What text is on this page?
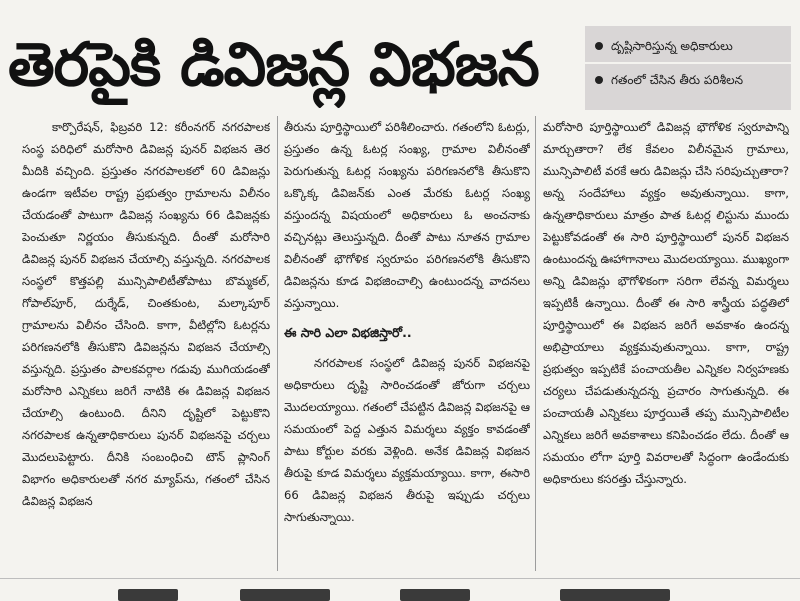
తెరపైకి డివిజన్ల విభజన	దృష్టిసారిస్తున్న అధికారులు
గతంలో చేసిన తీరు పరిశీలన

కార్పొరేషన్, ఫిబ్రవరి 12: కరీంనగర్ నగరపాలక సంస్థ పరిధిలో మరోసారి డివిజన్ల పునర్ విభజన తెర మీదికి వచ్చింది. ప్రస్తుతం నగరపాలకలో 60 డివిజన్లు ఉండగా ఇటీవల రాష్ట్ర ప్రభుత్వం గ్రామాలను విలీనం చేయడంతో పాటుగా డివిజన్ల సంఖ్యను 66 డివిజన్లకు పెంచుతూ నిర్ణయం తీసుకున్నది. దీంతో మరోసారి డివిజన్ల పునర్ విభజన చేయాల్సి వస్తున్నది. నగరపాలక సంస్థలో కొత్తపల్లి మున్సిపాలిటీతోపాటు బొమ్మకల్, గోపాల్‌పూర్, దుర్శేడ్, చింతకుంట, మల్కాపూర్ గ్రామాలను విలీనం చేసింది. కాగా, వీటిల్లోని ఓటర్లను పరిగణనలోకి తీసుకొని డివిజన్లను విభజన చేయాల్సి వస్తున్నది. ప్రస్తుతం పాలకవర్గాల గడువు ముగియడంతో మరోసారి ఎన్నికలు జరిగే నాటికి ఈ డివిజన్ల విభజన చేయాల్సి ఉంటుంది. దీనిని దృష్టిలో పెట్టుకొని నగరపాలక ఉన్నతాధికారులు పునర్ విభజనపై చర్చలు మొదలుపెట్టారు. దీనికి సంబంధించి టౌన్ ప్లానింగ్ విభాగం అధికారులతో నగర మ్యాప్‌ను, గతంలో చేసిన డివిజన్ల విభజన

తీరును పూర్తిస్థాయిలో పరిశీలించారు. గతంలోని ఓటర్లు, ప్రస్తుతం ఉన్న ఓటర్ల సంఖ్య, గ్రామాల విలీనంతో పెరుగుతున్న ఓటర్ల సంఖ్యను పరిగణనలోకి తీసుకొని ఒక్కొక్క డివిజన్‌కు ఎంత మేరకు ఓటర్ల సంఖ్య వస్తుందన్న విషయంలో అధికారులు ఓ అంచనాకు వచ్చినట్లు తెలుస్తున్నది. దీంతో పాటు నూతన గ్రామాల విలీనంతో భౌగోళిక స్వరూపం పరిగణనలోకి తీసుకొని డివిజన్లను కూడ విభజించాల్సి ఉంటుందన్న వాదనలు వస్తున్నాయి.

ఈ సారి ఎలా విభజిస్తారో..

నగరపాలక సంస్థలో డివిజన్ల పునర్ విభజనపై అధికారులు దృష్టి సారించడంతో జోరుగా చర్చలు మొదలయ్యాయి. గతంలో చేపట్టిన డివిజన్ల విభజనపై ఆ సమయంలో పెద్ద ఎత్తున విమర్శలు వ్యక్తం కావడంతో పాటు కోర్టుల వరకు వెళ్లింది. అనేక డివిజన్ల విభజన తీరుపై కూడ విమర్శలు వ్యక్తమయ్యాయి. కాగా, ఈసారి 66 డివిజన్ల విభజన తీరుపై ఇప్పుడు చర్చలు సాగుతున్నాయి.

మరోసారి పూర్తిస్థాయిలో డివిజన్ల భౌగోళిక స్వరూపాన్ని మార్చుతారా? లేక కేవలం విలీనమైన గ్రామాలు, మున్సిపాలిటీ వరకే ఆరు డివిజన్లు చేసి సరిపుచ్చుతారా? అన్న సందేహాలు వ్యక్తం అవుతున్నాయి. కాగా, ఉన్నతాధికారులు మాత్రం పాత ఓటర్ల లిస్టును ముందు పెట్టుకోవడంతో ఈ సారి పూర్తిస్థాయిలో పునర్ విభజన ఉంటుందన్న ఊహాగానాలు మొదలయ్యాయి. ముఖ్యంగా అన్ని డివిజన్లు భౌగోళికంగా సరిగా లేవన్న విమర్శలు ఇప్పటికీ ఉన్నాయి. దీంతో ఈ సారి శాస్త్రీయ పద్ధతిలో పూర్తిస్థాయిలో ఈ విభజన జరిగే అవకాశం ఉందన్న అభిప్రాయాలు వ్యక్తమవుతున్నాయి. కాగా, రాష్ట్ర ప్రభుత్వం ఇప్పటికే పంచాయతీల ఎన్నికల నిర్వహణకు చర్యలు చేపడుతున్నదన్న ప్రచారం సాగుతున్నది. ఈ పంచాయతీ ఎన్నికలు పూర్తయితే తప్ప మున్సిపాలిటీల ఎన్నికలు జరిగే అవకాశాలు కనిపించడం లేదు. దీంతో ఆ సమయం లోగా పూర్తి వివరాలతో సిద్ధంగా ఉండేందుకు అధికారులు కసరత్తు చేస్తున్నారు.
